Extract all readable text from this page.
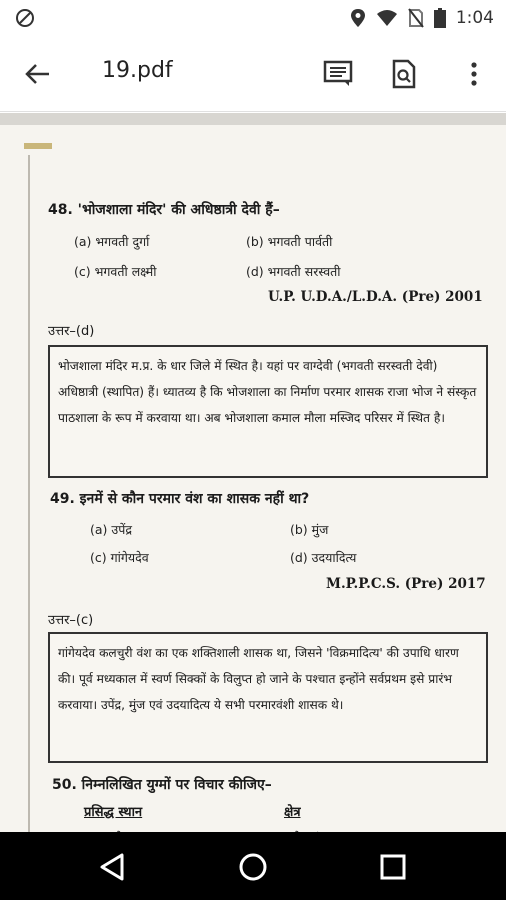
1:04
19.pdf
48. 'भोजशाला मंदिर' की अधिष्ठात्री देवी हैं–
(a) भगवती दुर्गा	(b) भगवती पार्वती
(c) भगवती लक्ष्मी	(d) भगवती सरस्वती
U.P. U.D.A./L.D.A. (Pre) 2001
उत्तर–(d)
भोजशाला मंदिर म.प्र. के धार जिले में स्थित है। यहां पर वाग्देवी (भगवती सरस्वती देवी) अधिष्ठात्री (स्थापित) हैं। ध्यातव्य है कि भोजशाला का निर्माण परमार शासक राजा भोज ने संस्कृत पाठशाला के रूप में करवाया था। अब भोजशाला कमाल मौला मस्जिद परिसर में स्थित है।
49. इनमें से कौन परमार वंश का शासक नहीं था?
(a) उपेंद्र	(b) मुंज
(c) गांगेयदेव	(d) उदयादित्य
M.P.P.C.S. (Pre) 2017
उत्तर–(c)
गांगेयदेव कलचुरी वंश का एक शक्तिशाली शासक था, जिसने 'विक्रमादित्य' की उपाधि धारण की। पूर्व मध्यकाल में स्वर्ण सिक्कों के विलुप्त हो जाने के पश्चात इन्होंने सर्वप्रथम इसे प्रारंभ करवाया। उपेंद्र, मुंज एवं उदयादित्य ये सभी परमारवंशी शासक थे।
50. निम्नलिखित युग्मों पर विचार कीजिए–
प्रसिद्ध स्थान	क्षेत्र
